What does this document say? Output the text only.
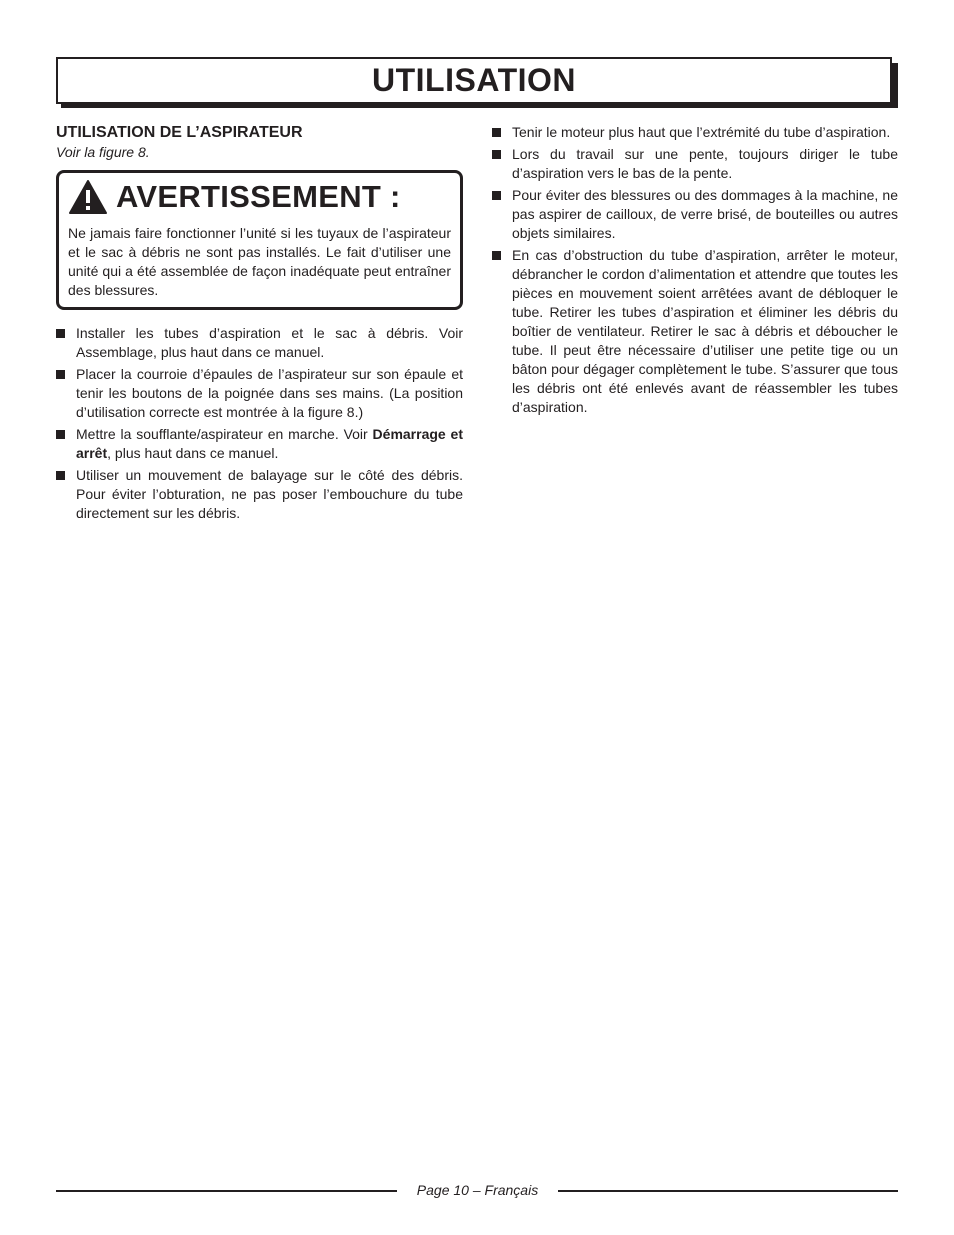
UTILISATION
UTILISATION DE L’ASPIRATEUR

Voir la figure 8.

AVERTISSEMENT :

Ne jamais faire fonctionner l’unité si les tuyaux de l’aspirateur et le sac à débris ne sont pas installés. Le fait d’utiliser une unité qui a été assemblée de façon inadéquate peut entraîner des blessures.

Installer les tubes d’aspiration et le sac à débris. Voir Assemblage, plus haut dans ce manuel.
Placer la courroie d’épaules de l’aspirateur sur son épaule et tenir les boutons de la poignée dans ses mains. (La position d’utilisation correcte est montrée à la figure 8.)
Mettre la soufflante/aspirateur en marche. Voir Démarrage et arrêt, plus haut dans ce manuel.
Utiliser un mouvement de balayage sur le côté des débris. Pour éviter l’obturation, ne pas poser l’embouchure du tube directement sur les débris.
Tenir le moteur plus haut que l’extrémité du tube d’aspiration.
Lors du travail sur une pente, toujours diriger le tube d’aspiration vers le bas de la pente.
Pour éviter des blessures ou des dommages à la machine, ne pas aspirer de cailloux, de verre brisé, de bouteilles ou autres objets similaires.
En cas d’obstruction du tube d’aspiration, arrêter le moteur, débrancher le cordon d’alimentation et attendre que toutes les pièces en mouvement soient arrêtées avant de débloquer le tube. Retirer les tubes d’aspiration et éliminer les débris du boîtier de ventilateur. Retirer le sac à débris et déboucher le tube. Il peut être nécessaire d’utiliser une petite tige ou un bâton pour dégager complètement le tube. S’assurer que tous les débris ont été enlevés avant de réassembler les tubes d’aspiration.
Page 10 – Français
